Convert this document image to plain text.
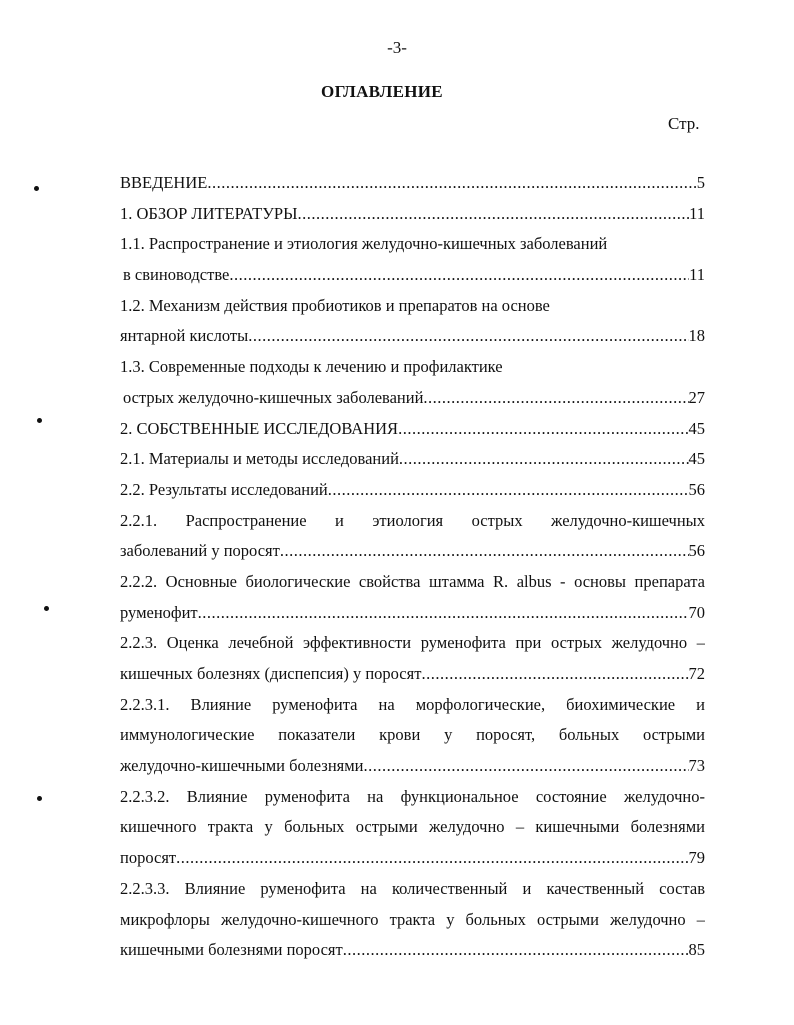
-3-
ОГЛАВЛЕНИЕ
Стр.
ВВЕДЕНИЕ .....	5
1. ОБЗОР ЛИТЕРАТУРЫ .....	11
1.1. Распространение и этиология желудочно-кишечных заболеваний
в свиноводстве .....	11
1.2. Механизм действия пробиотиков и препаратов на основе
янтарной кислоты .....	18
1.3. Современные подходы к лечению и профилактике
острых желудочно-кишечных заболеваний .....	27
2. СОБСТВЕННЫЕ ИССЛЕДОВАНИЯ .....	45
2.1. Материалы и методы исследований .....	45
2.2. Результаты исследований .....	56
2.2.1. Распространение и этиология острых желудочно-кишечных
заболеваний у поросят .....	56
2.2.2. Основные биологические свойства штамма R. albus - основы препарата
руменофит .....	70
2.2.3. Оценка лечебной эффективности руменофита при острых желудочно –
кишечных болезнях (диспепсия) у поросят .....	72
2.2.3.1. Влияние руменофита на морфологические, биохимические и
иммунологические показатели крови у поросят, больных острыми
желудочно-кишечными болезнями .....	73
2.2.3.2. Влияние руменофита на функциональное состояние желудочно-
кишечного тракта у больных острыми желудочно – кишечными болезнями
поросят .....	79
2.2.3.3. Влияние руменофита на количественный и качественный состав
микрофлоры желудочно-кишечного тракта у больных острыми желудочно –
кишечными болезнями поросят .....	85
